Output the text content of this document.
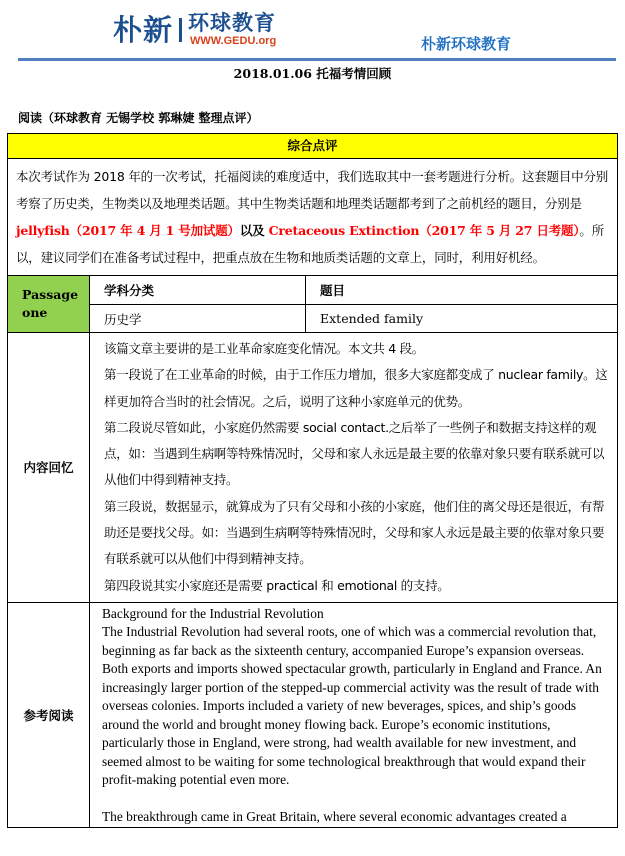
朴新 环球教育
WWW.GEDU.org	朴新环球教育
2018.01.06 托福考情回顾
阅读（环球教育 无锡学校 郭琳婕 整理点评）
综合点评		
本次考试作为 2018 年的一次考试，托福阅读的难度适中，我们选取其中一套考题进行分析。这套题目中分别考察了历史类，生物类以及地理类话题。其中生物类话题和地理类话题都考到了之前机经的题目，分别是 jellyfish（2017 年 4 月 1 号加试题）以及 Cretaceous Extinction（2017 年 5 月 27 日考题）。所以，建议同学们在准备考试过程中，把重点放在生物和地质类话题的文章上，同时，利用好机经。		
Passage one	学科分类	题目
	历史学	Extended family
内容回忆	该篇文章主要讲的是工业革命家庭变化情况。本文共 4 段。

第一段说了在工业革命的时候，由于工作压力增加，很多大家庭都变成了 nuclear family。这样更加符合当时的社会情况。之后，说明了这种小家庭单元的优势。

第二段说尽管如此，小家庭仍然需要 social contact.之后举了一些例子和数据支持这样的观点，如：当遇到生病啊等特殊情况时，父母和家人永远是最主要的依靠对象只要有联系就可以从他们中得到精神支持。

第三段说，数据显示，就算成为了只有父母和小孩的小家庭，他们住的离父母还是很近，有帮助还是要找父母。如：当遇到生病啊等特殊情况时，父母和家人永远是最主要的依靠对象只要有联系就可以从他们中得到精神支持。

第四段说其实小家庭还是需要 practical 和 emotional 的支持。	

参考阅读	Background for the Industrial Revolution

The Industrial Revolution had several roots, one of which was a commercial revolution that, beginning as far back as the sixteenth century, accompanied Europe’s expansion overseas. Both exports and imports showed spectacular growth, particularly in England and France. An increasingly larger portion of the stepped-up commercial activity was the result of trade with overseas colonies. Imports included a variety of new beverages, spices, and ship’s goods around the world and brought money flowing back. Europe’s economic institutions, particularly those in England, were strong, had wealth available for new investment, and seemed almost to be waiting for some technological breakthrough that would expand their profit-making potential even more.

The breakthrough came in Great Britain, where several economic advantages created a	
